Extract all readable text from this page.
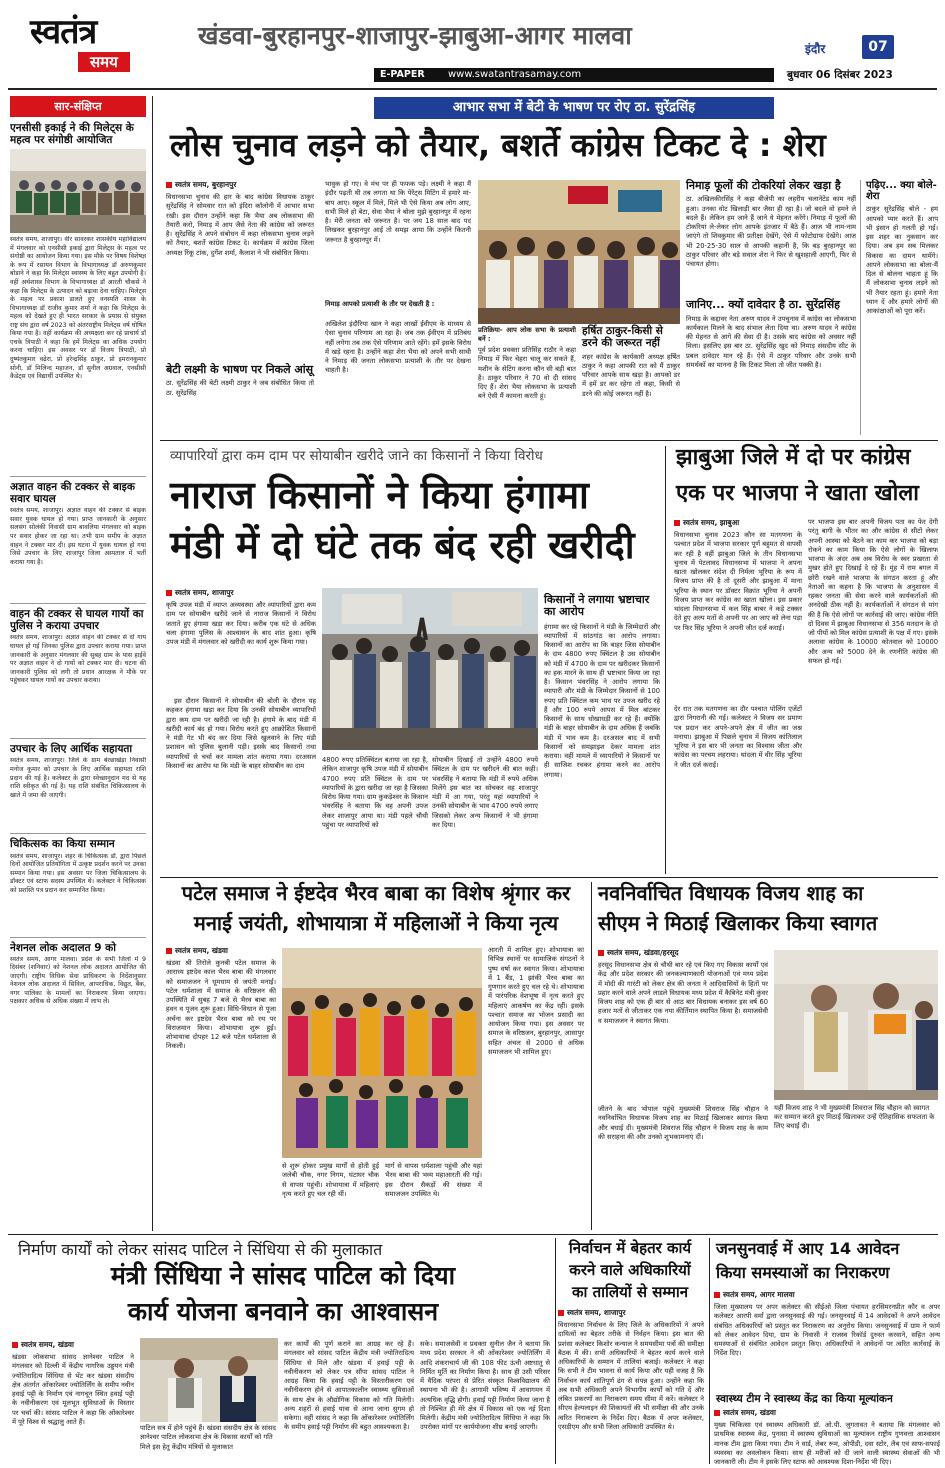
स्वतंत्र
समय
खंडवा-बुरहानपुर-शाजापुर-झाबुआ-आगर मालवा	इंदौर	07
E-PAPER www.swatantrasamay.com	बुधवार 06 दिसंबर 2023
सार-संक्षिप्त
एनसीसी इकाई ने की मिलेट्स के महत्व पर संगोष्ठी आयोजित
स्वतंत्र समय, शाजापुर। वीर सावरकर शासकीय महाविद्यालय में मंगलवार को एनसीसी इकाई द्वारा मिलेट्स के महत्व पर संगोष्ठी का आयोजन किया गया। इस मौके पर विषय विशेषज्ञ के रूप में रसायन विभाग के विभागाध्यक्ष डॉ अरुणकुमार बोडाने ने कहा कि मिलेट्स स्वास्थ्य के लिए बहुत उपयोगी है। वहीं अर्थशास्त्र विभाग के विभागाध्यक्ष डॉ आरती चौकसे ने कहा कि मिलेट्स के उत्पादन को बढ़ावा देना चाहिए। मिलेट्स के महत्व पर प्रकाश डालते हुए वनस्पति शास्त्र के विभागाध्यक्ष डॉ राजीव कुमार शर्मा ने कहा कि मिलेट्स के महत्व को देखते हुए ही भारत सरकार के प्रयास से संयुक्त राष्ट्र संघ द्वारा वर्ष 2023 को अंतरराष्ट्रीय मिलेट्स वर्ष घोषित किया गया है। वहीं कार्यक्रम की अध्यक्षता कर रहे प्राचार्य डॉ एचके त्रिपाठी ने कहा कि हमें मिलेट्स का अधिक उपयोग करना चाहिए। इस अवसर पर डॉ विजय त्रिपाठी, प्रो दुष्यंतकुमार वढ़ेरा, प्रो हरेन्द्रसिंह ठाकुर, प्रो इमरानकुमार सोनी, डॉ मिलिन्द महाजन, डॉ सुनील अग्रवाल, एनसीसी कैडेट्स एवं विद्यार्थी उपस्थित थे।
अज्ञात वाहन की टक्कर से बाइक सवार घायल
स्वतंत्र समय, शाजापुर। अज्ञात वाहन की टक्कर से बाइक सवार युवक घायल हो गया। प्राप्त जानकारी के अनुसार सलसंग सोलंकी निवासी ग्राम बावलिया मंगलवार को बाइक पर सवार होकर जा रहा था। तभी ग्राम समीप के अज्ञात वाहन ने टक्कर मार दी। इस घटना में युवक घायल हो गया जिसे उपचार के लिए शाजापुर जिला अस्पताल में भर्ती कराया गया है।
वाहन की टक्कर से घायल गायों का पुलिस ने कराया उपचार
स्वतंत्र समय, शाजापुर। अज्ञात वाहन की टक्कर से दो गाय घायल हो गई जिनका पुलिस द्वारा उपचार कराया गया। प्राप्त जानकारी के अनुसार मंगलवार की सुबह ग्राम के पास हाईवे पर अज्ञात वाहन ने दो गायों को टक्कर मार दी। घटना की जानकारी पुलिस को लगी तो प्रधान आरक्षक ने मौके पर पहुंचकर घायल गायों का उपचार कराया।
उपचार के लिए आर्थिक सहायता
स्वतंत्र समय, शाजापुर। जिले के ग्राम बेरछाखेड़ा निवासी मनोज कुमार को उपचार के लिए आर्थिक सहायता राशि प्रदान की गई है। कलेक्टर के द्वारा स्वेच्छानुदान मद से यह राशि स्वीकृत की गई है। यह राशि संबंधित चिकित्सालय के खाते में जमा की जाएगी।
चिकित्सक का किया सम्मान
स्वतंत्र समय, शाजापुर। शहर के चिकित्सक डॉ. द्वारा पिछले दिनों आयोजित प्रतियोगिता में उत्कृष्ट प्रदर्शन करने पर उनका सम्मान किया गया। इस अवसर पर जिला चिकित्सालय के डॉक्टर एवं स्टाफ सदस्य उपस्थित थे। कलेक्टर ने चिकित्सक को प्रशस्ति पत्र प्रदान कर सम्मानित किया।
नेशनल लोक अदालत 9 को
स्वतंत्र समय, आगर मालवा। प्रदेश के सभी जिलों में 9 दिसंबर (शनिवार) को नेशनल लोक अदालत आयोजित की जाएगी। राष्ट्रीय विधिक सेवा प्राधिकरण के निर्देशानुसार नेशनल लोक अदालत में सिविल, आपराधिक, विद्युत, बैंक, नगर पालिका के मामलों का निराकरण किया जाएगा। पक्षकार अधिक से अधिक संख्या में लाभ लें।
आभार सभा में बेटी के भाषण पर रोए ठा. सुरेंद्रसिंह
लोस चुनाव लड़ने को तैयार, बशर्ते कांग्रेस टिकट दे : शेरा
स्वतंत्र समय, बुरहानपुर
विधानसभा चुनाव की हार के बाद कांग्रेस विधायक ठाकुर सुरेंद्रसिंह ने सोमवार रात को इंदिरा कॉलोनी में आभार सभा रखी। इस दौरान उन्होंने कहा कि भैया अब लोकसभा की तैयारी करो, निमाड़ में आप जैसे नेता की कांग्रेस को जरूरत है। सुरेंद्रसिंह ने अपने संबोधन में कहा लोकसभा चुनाव लड़ने को तैयार, बशर्ते कांग्रेस टिकट दे। कार्यक्रम में कांग्रेस जिला अध्यक्ष रिंकू टांक, दुर्गेश शर्मा, कैलाश ने भी संबोधित किया।
बेटी लक्ष्मी के भाषण पर निकले आंसू
ठा. सुरेंद्रसिंह की बेटी लक्ष्मी ठाकुर ने जब संबोधित किया तो ठा. सुरेंद्रसिंह
भावुक हो गए। वे मंच पर ही फफक पड़े। लक्ष्मी ने कहा मैं इंदौर पढ़ती थी तब लगता था कि पेरेंट्स मिटिंग में हमारे मां-बाप आए। स्कूल में मिले, मिले भी ऐसे किया अब लोग आए, सभी मिले हो बेटा, सेवा भैया ने बोला मुझे बुरहानपुर में रहना है। मेरी जनता को जरूरत है। पर जय 18 साल बाद पद लिखकर बुरहानपुर आई तो समझ आया कि उन्होंने कितनी जरूरत है बुरहानपुर में।
निमाड़ आपको प्रत्याशी के तौर पर देखती है :
अखिलेश इंदौरिया खान ने कहा लाखों ईवीएम के माध्यम से ऐसा चुनाव परिणाम आ रहा है। जब तक ईवीएम में प्रतिबंध नहीं लगेगा तब तक ऐसे परिणाम आते रहेंगे। हमें इसके विरोध में खड़े रहना है। उन्होंने कहा शेरा भैया को अपने सभी साथी ने निमाड़ की जनता लोकसभा प्रत्याशी के तौर पर देखना चाहती है।
प्रतिक्रिया- आप लोक सभा के प्रत्याशी बनें :
पूर्व प्रदेश प्रवक्ता प्रतिसिंह राठौर ने कहा निमाड़ में फिर चेहरा चालू कर सकते हैं, मशीन के सेटिंग करना कौन सी बड़ी बात है। ठाकुर परिवार ने 70 वो दी सांसद दिए हैं। शेरा भैया लोकसभा के प्रत्याशी बने ऐसी मैं कामना करती हूं।
हर्षित ठाकुर-किसी से डरने की जरूरत नहीं
शहर कांग्रेस के कार्यकारी अध्यक्ष हर्षित ठाकुर ने कहा आपकी रात को मैं ठाकुर परिवार आपके साथ खड़ा है। आपको डर में हमें डर कर रहेगा तो कहा, किसी से डरने की कोई जरूरत नहीं है।
निमाड़ फूलों की टोकरियां लेकर खड़ा है
ठा. अखिलकीरसिंह ने कहा बीजेपी का लहरीय चलानेटेड काम नहीं हुआ। उनका वोट खिलाड़ी बार जैसा ही रहा है। जो बदले वो हमने ले बदले हैं। लेकिन हम जाने हैं जाने ये मेहनत करेंगे। निमाड़ में फूलों की टोकरियां ले-लेकर लोग आपके इंतजार में बैठे हैं। आज भी नाम-नाम जाएंगे तो शिवकुमार की प्रतीक्षा देखेंगे, ऐसे में फोटोग्राफ देखेंगे। आज भी 20-25-30 साल से आपकी कहानी है, कि बड़ बुरहानपुर का ठाकुर परिवार और बड़े सवाल शेरा ने फिर से खुशहाली आएगी, फिर से पंचायत होगा।
जानिए... क्यों दावेदार है ठा. सुरेंद्रसिंह
निमाड़ के कद्दावर नेता अरुण यादव ने उपचुनाव में कांग्रेस का लोकसभा कार्यकाल मिलने के बाद संभाल लेता दिया था। अरुण यादव ने कांग्रेस की मेहनत से आगे की सेवा दी है। उसके बाद कांग्रेस को अवसर नहीं मिला। इसलिए इस बार ठा. सुरेंद्रसिंह खुद को निमाड़ संसदीय सीट के प्रबल दावेदार मान रहे हैं। ऐसे में ठाकुर परिवार और उनके सभी समर्थकों का मानना है कि टिकट मिला तो जीत पक्की है।
पढ़िए... क्या बोले-शेरा
ठाकुर सुरेंद्रसिंह बोले - हम आपको प्यार करते हैं। आप भी इंसान हो गलती हो गई। इस शहर का नुकसान कर दिया। अब हम सब मिलकर विकास का दामन थामेंगे। आपने लोकसभा का बोला-मैं दिल से बोलना चाहता हूं कि मैं लोकसभा चुनाव लड़ने को भी तैयार रहता हूं। हमारे नेता ध्यान दें और हमारे लोगों की आकांक्षाओं को पूरा करें।
व्यापारियों द्वारा कम दाम पर सोयाबीन खरीदे जाने का किसानों ने किया विरोध
नाराज किसानों ने किया हंगामा
मंडी में दो घंटे तक बंद रही खरीदी
स्वतंत्र समय, शाजापुर
कृषि उपज मंडी में व्याप्त अव्यवस्था और व्यापारियों द्वारा कम दाम पर सोयाबीन खरीदे जाने से नाराज किसानों ने विरोध जताते हुए हंगामा खड़ा कर दिया। करीब एक घंटे से अधिक चला हंगामा पुलिस के आश्वासन के बाद शांत हुआ। कृषि उपज मंडी में मंगलवार को खरीदी का कार्य शुरू किया गया।
इस दौरान किसानों ने सोयाबीन की बोली के दौरान यह कहकर हंगामा खड़ा कर दिया कि उनकी सोयाबीन व्यापारियों द्वारा कम दाम पर खरीदी जा रही है। हंगामे के बाद मंडी में खरीदी कार्य बंद हो गया। विरोध करते हुए आक्रोशित किसानों ने मंडी गेट भी बंद कर दिया जिसे खुलवाने के लिए मंडी प्रशासन को पुलिस बुलानी पड़ी। इसके बाद किसानों तथा व्यापारियों से चर्चा कर मामला शांत कराया गया। दरअसल किसानों का आरोप था कि मंडी के बाहर सोयाबीन का दाम
4800 रुपए प्रतिक्विंटल बताया जा रहा है, लेकिन शाजापुर कृषि उपज मंडी में सोयाबीन 4700 रुपए प्रति क्विंटल के दाम पर व्यापारियों के द्वारा खरीदा जा रहा है जिसका विरोध किया गया। ग्राम कुकड़ेश्वर के किसान भंवरसिंह ने बताया कि वह अपनी उपज लेकर शाजापुर आया था। मंडी पहले चौथी पहुंचा पर व्यापारियों को
सोयाबीन दिखाई तो उन्होंने 4800 रुपये क्विंटल के दाम पर खरीदने की बात कही। भंवरसिंह ने बताया कि मंडी में रुपये अधिक मिलेंगे इस बात का सोचकर वह शाजापुर मंडी में आ गया, परंतु यहां व्यापारियों ने उनकी सोयाबीन के भाव 4700 रुपये लगाए जिसको लेकर अन्य किसानों ने भी हंगामा कर दिया।
किसानों ने लगाया भ्रष्टाचार का आरोप
हंगामा कर रहे किसानों ने मंडी के जिम्मेदारों और व्यापारियों में सांठगांठ का आरोप लगाया। किसानों का आरोप था कि बाहर जिस सोयाबीन के दाम 4800 रुपए क्विंटल है उस सोयाबीन को मंडी में 4700 के दाम पर खरीदकर किसानों का हक मारने के साथ ही भ्रष्टाचार किया जा रहा है। किसान भंवरसिंह ने आरोप लगाया कि व्यापारी और मंडी के जिम्मेदार किसानों से 100 रुपए प्रति क्विंटल कम भाव पर उपज खरीद रहे हैं और 100 रुपये आपस में मिल बांटकर किसानों के साथ धोखाधड़ी कर रहे हैं। क्योंकि मंडी के बाहर सोयाबीन के दाम अधिक हैं जबकि मंडी में भाव कम है। दरअसल बाद में सभी किसानों को समझाइश देकर मामला शांत कराया। वहीं मामले में व्यापारियों ने किसानों पर ही साजिश रचकर हंगामा करने का आरोप लगाया।
झाबुआ जिले में दो पर कांग्रेस
एक पर भाजपा ने खाता खोला
स्वतंत्र समय, झाबुआ
विधानसभा चुनाव 2023 कौन सा मतगणना के पश्चात प्रदेश में भाजपा सरकार पूर्ण बहुमत से वापसी कर रही है वहीं झाबुआ जिले के तीन विधानसभा चुनाव में पेटलावद विधानसभा में भाजपा ने अपना खाता खोलकर संदेश दी निर्मला भूरिया के रूप में विजय प्राप्त की है तो दूसरी और झाबुआ में माना भूरिया के स्थान पर डॉक्टर विक्रांत भूरिया ने अपनी विजय प्राप्त कर कांग्रेस का खाता खोला। इस प्रकार थांदला विधानसभा में कल सिंह बाबर ने कड़े टक्कर देते हुए अल्प मतों से अपनी पर आ जाए को लेना पड़ा पर फिर सिंह भूरिया ने अपनी जीत दर्ज कराई।
देर रात तक मतगणना का दौर पश्चात पोलिंग एजेंटों द्वारा निगरानी की गई। कलेक्टर ने विजय सर प्रमाण पत्र प्रदान कर अपने-अपने क्षेत्र में जीत का जश्न मनाया। झाबुआ में पिछले चुनाव में विजय कांतिलाल भूरिया ने इस बार भी जनता का विश्वास जीता और कांग्रेस का परचम लहराया। थांदला में वीर सिंह भूरिया ने जीत दर्ज कराई।
पर भाजपा इस बार अपनी विजय पता का फेर देगी परंतु बागी के भीतर का और कांग्रेस से सीटों लेकर अपनी आस्था को बैठने का काम कर भाजपा को बड़ा रोकने का काम किया कि ऐसे लोगों के खिलाफ भाजपा के अंदर अब अब विरोध के स्वर प्रखरता से मुखर होते हुए दिखाई दे रहे हैं। मुंह में राम बगल में छोरी रखने वाले भाजपा के संगठन करता हूं और नेताओं का कहना है कि भाजपा के अनुशासन में रहकर जनता की सेवा करने वाले कार्यकर्ताओं की अनदेखी ठीक नहीं है। कार्यकर्ताओं ने संगठन से मांग की है कि ऐसे लोगों पर कार्रवाई की जाए। कांग्रेस नीति दो दिवस में झाबुआ विधानसभा से 356 मतदान के दो जो पीयों को मिल कांग्रेस प्रत्याशी के पक्ष में गए। इसके अलावा कांग्रेस के 10000 कोतवाल को 10000 और अन्य को 5000 देने के रणनीति कांग्रेस की सफल हो गई।
पटेल समाज ने ईष्टदेव भैरव बाबा का विशेष श्रृंगार कर
मनाई जयंती, शोभायात्रा में महिलाओं ने किया नृत्य
स्वतंत्र समय, खंडवा
खंडवा श्री तिरोले कुनबी पटेल समाज के आराध्य इष्टदेव काल भैरव बाबा की मंगलवार को समाजजन ने धूमधाम से जयंती मनाई। पटेल धर्मशाला में समाज के वरिष्ठजन की उपस्थिति में सुबह 7 बजे से भैरव बाबा का हवन व पूजन शुरू हुआ। विधि-विधान से पूजा अर्चना कर इष्टदेव भैरव बाबा को रथ पर विराजमान किया। शोभायात्रा शुरू हुई। शोभायात्रा दोपहर 12 बजे पटेल धर्मशाला से निकली।
से शुरू होकर प्रमुख मार्गों से होती हुई जलेबी चौक, नगर निगम, घंटाघर चौक से वापस पहुंची। शोभायात्रा में महिलाएं नृत्य करते हुए चल रही थीं।
मार्ग से वापस धर्मशाला पहुंची और यहां भैरव बाबा की भव्य महाआरती की गई। इस दौरान सैकड़ों की संख्या में समाजजन उपस्थित थे।
आरती में शामिल हुए। शोभायात्रा का विभिन्न स्थानों पर सामाजिक संगठनों ने पुष्प वर्षा कर स्वागत किया। शोभायात्रा में 1 बैंड, 1 झांकी भैरव बाबा का गुणगान करते हुए चल रहे थे। शोभायात्रा में पारंपरिक वेशभूषा में नृत्य करते हुए महिलाएं आकर्षण का केंद्र रहीं। इसके पश्चात समाज का भोजन प्रसादी का आयोजन किया गया। इस अवसर पर समाज के वरिष्ठजन, बुरहानपुर, आसापुर सहित अंचल से 2000 से अधिक समाजजन भी शामिल हुए।
नवनिर्वाचित विधायक विजय शाह का
सीएम ने मिठाई खिलाकर किया स्वागत
स्वतंत्र समय, खंडवा/हरसूद
हरसूद विधानसभा क्षेत्र से चौथी बार रहे एवं किए गए विकास कार्यों एवं केंद्र और प्रदेश सरकार की जनकल्याणकारी योजनाओं एवं मध्य प्रदेश में मोदी की गारंटी को लेकर क्षेत्र की जनता ने आदिवासियों के हितों पर प्रहार करने वाले अपने लाडले विधायक मध्य प्रदेश में कैबिनेट मंत्री कुंवर विजय शाह को एक ही बार से आठ बार विधायक बनाकर इस वर्ष 60 हजार मतों से जीताकर एक नया कीर्तिमान स्थापित किया है। समाजसेवी व समाजजन ने स्वागत किया।
जीतने के बाद भोपाल पहुंचे मुख्यमंत्री शिवराज सिंह चौहान ने नवनिर्वाचित विधायक विजय शाह का मिठाई खिलाकर स्वागत किया और बधाई दी। मुख्यमंत्री शिवराज सिंह चौहान ने विजय शाह के काम की सराहना की और उनको शुभकामनाएं दीं।
यहीं विजय शाह ने भी मुख्यमंत्री शिवराज सिंह चौहान को स्वागत कर सम्मान करते हुए मिठाई खिलाकर उन्हें ऐतिहासिक सफलता के लिए बधाई दी।
निर्माण कार्यों को लेकर सांसद पाटिल ने सिंधिया से की मुलाकात
मंत्री सिंधिया ने सांसद पाटिल को दिया
कार्य योजना बनवाने का आश्वासन
स्वतंत्र समय, खंडवा
खंडवा लोकसभा सांसद ज्ञानेश्वर पाटिल ने मंगलवार को दिल्ली में केंद्रीय नागरिक उड्डयन मंत्री ज्योतिरादित्य सिंधिया से भेंट कर खंडवा संसदीय क्षेत्र अंतर्गत ओंकारेश्वर ज्योतिर्लिंग के समीप नवीन हवाई पट्टी के निर्माण एवं नागचून स्थित हवाई पट्टी के नवीनीकरण एवं मूलभूत सुविधाओं के विस्तार पर चर्चा की। सांसद पाटिल ने कहा कि ओंकारेश्वर में पूरे विश्व से श्रद्धालु आते हैं।
पाटिल सत्र में होने पहुंचे हैं। खंडवा संसदीय क्षेत्र के सांसद ज्ञानेश्वर पाटिल लोकसभा क्षेत्र के विकास कार्यों को गति मिले इस हेतु केंद्रीय मंत्रियों से मुलाकात
कर कार्यों की पूर्ण कराने का आग्रह कर रहे हैं। मंगलवार को सांसद पाटिल केंद्रीय मंत्री ज्योतिरादित्य सिंधिया से मिले और खंडवा में हवाई पट्टी के नवीनीकरण को लेकर पत्र सौंपा सांसद पाटिल ने आग्रह किया कि हवाई पट्टी के विस्तारीकरण एवं नवीनीकरण होने से आपातकालीन स्वास्थ्य सुविधाओं के साथ क्षेत्र के औद्योगिक विकास को गति मिलेगी। अन्य शहरों से हवाई यात्रा से आना जाना सुगम हो सकेगा। वहीं सांसद ने कहा कि ओंकारेश्वर ज्योतिर्लिंग के समीप हवाई पट्टी निर्माण की बहुत आवश्यकता है।
सके। समाजसेवी व प्रवक्ता सुनील जैन ने बताया कि मध्य प्रदेश सरकार ने श्री ओंकारेश्वर ज्योतिर्लिंग में आदि शंकराचार्य जी की 108 फीट ऊंची अष्टधातु से निर्मित मूर्ति का निर्माण किया है। साथ ही उसी परिसर में वैदिक परंपरा से प्रेरित संस्कृत विश्वविद्यालय की स्थापना भी की है। आगामी भविष्य में आवागमन में अत्यधिक वृद्धि होगी। हवाई पट्टी निर्माण किया जाना है तो निश्चित ही मेरे क्षेत्र में विकास को एक नई दिशा मिलेगी। केंद्रीय मंत्री ज्योतिरादित्य सिंधिया ने कहा कि उपरोक्त मांगों पर कार्ययोजना शीघ्र बनाई जाएगी।
निर्वाचन में बेहतर कार्य
करने वाले अधिकारियों
का तालियों से सम्मान
स्वतंत्र समय, शाजापुर
विधानसभा निर्वाचन के लिए जिले के अधिकारियों ने अपने दायित्वों का बेहतर तरीके से निर्वहन किया। इस बात की प्रशंसा कलेक्टर किशोर कन्याल ने समयसीमा पत्रों की समीक्षा बैठक में की। सभी अधिकारियों ने बेहतर कार्य करने वाले अधिकारियों के सम्मान में तालियां बजाई। कलेक्टर ने कहा कि सभी ने टीम भावना से कार्य किया और यही वजह है कि निर्वाचन कार्य शांतिपूर्ण ढंग से संपन्न हुआ। उन्होंने कहा कि अब सभी अधिकारी अपने विभागीय कार्यों को गति दें और लंबित प्रकरणों का निराकरण समय सीमा में करें। कलेक्टर ने सीएम हेल्पलाइन की शिकायतों की भी समीक्षा की और उनके त्वरित निराकरण के निर्देश दिए। बैठक में अपर कलेक्टर, एसडीएम और सभी जिला अधिकारी उपस्थित थे।
जनसुनवाई में आए 14 आवेदन
किया समस्याओं का निराकरण
स्वतंत्र समय, आगर मालवा
जिला मुख्यालय पर अपर कलेक्टर की सीईओ जिला पंचायत हरसिमरनप्रीत कौर व अपर कलेक्टर आरपी वर्मा द्वारा जनसुनवाई की गई। जनसुनवाई में 14 आवेदकों ने अपने आवेदन संबंधित अधिकारियों को प्रस्तुत कर निराकरण का अनुरोध किया। जनसुनवाई में ग्राम ने फार्म को लेकर आवेदन दिया, ग्राम के निवासी ने राजस्व रिकॉर्ड दुरुस्त करवाने, सहित अन्य समस्याओं से संबंधित आवेदन प्रस्तुत किए। अधिकारियों ने आवेदनों पर त्वरित कार्रवाई के निर्देश दिए।
स्वास्थ्य टीम ने स्वास्थ्य केंद्र का किया मूल्यांकन
स्वतंत्र समय, खंडवा
मुख्य चिकित्सा एवं स्वास्थ्य अधिकारी डॉ. ओ.पी. जुगतावत ने बताया कि मंगलवार को प्राथमिक स्वास्थ्य केंद्र, पुनासा में स्वास्थ्य सुविधाओं का मूल्यांकन राष्ट्रीय गुणवत्ता आश्वासन मानक टीम द्वारा किया गया। टीम ने वार्ड, लेबर रूम, ओपीडी, दवा स्टोर, लैब एवं साफ-सफाई व्यवस्था का अवलोकन किया। साथ ही मरीजों को दी जाने वाली स्वास्थ्य सेवाओं की भी जानकारी ली। टीम ने इसके लिए स्टाफ को आवश्यक दिशा-निर्देश भी दिए।
